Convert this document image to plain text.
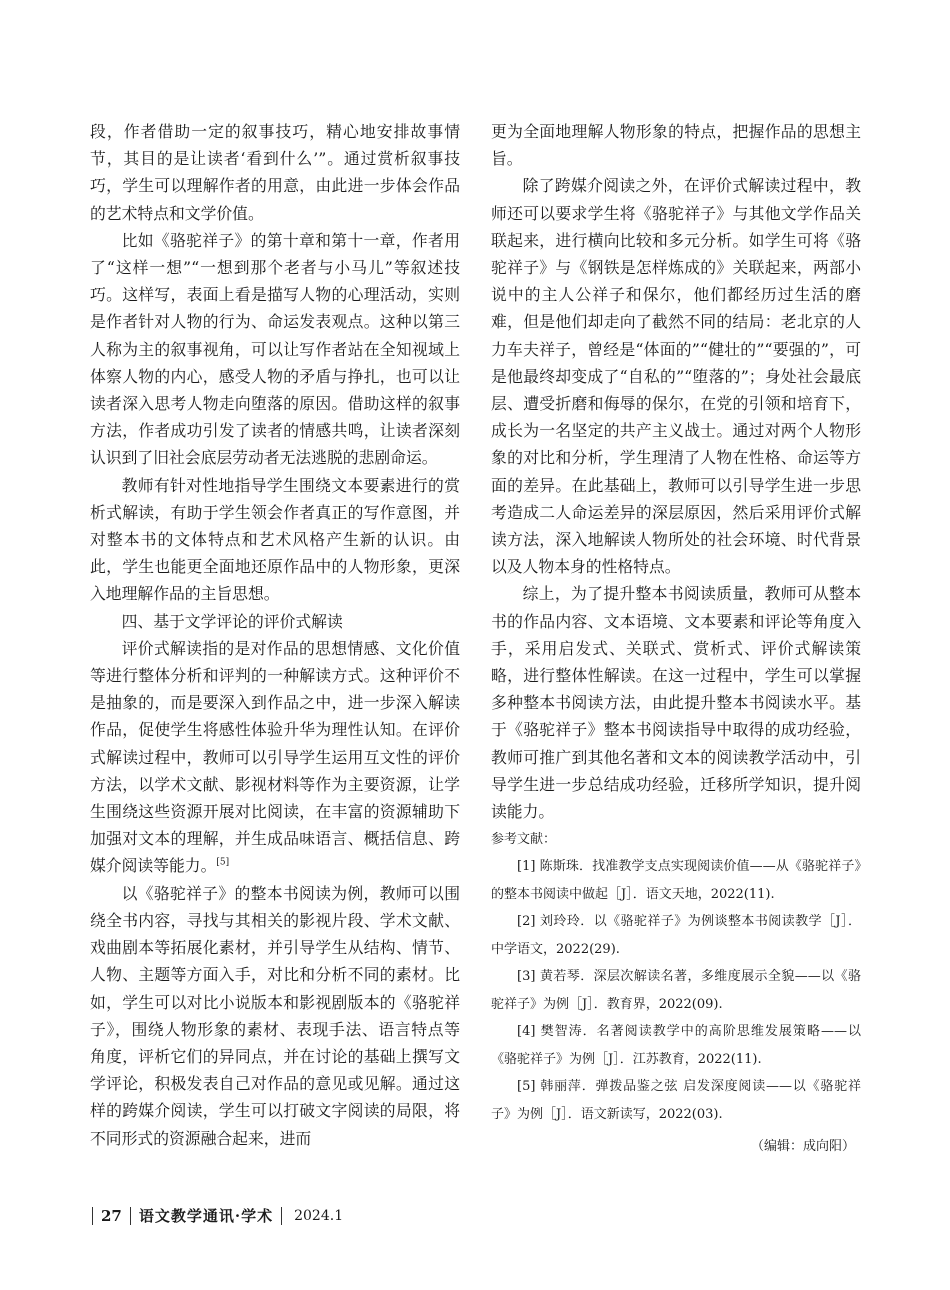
段，作者借助一定的叙事技巧，精心地安排故事情节，其目的是让读者‘看到什么’”。通过赏析叙事技巧，学生可以理解作者的用意，由此进一步体会作品的艺术特点和文学价值。

比如《骆驼祥子》的第十章和第十一章，作者用了“这样一想”“一想到那个老者与小马儿”等叙述技巧。这样写，表面上看是描写人物的心理活动，实则是作者针对人物的行为、命运发表观点。这种以第三人称为主的叙事视角，可以让写作者站在全知视域上体察人物的内心，感受人物的矛盾与挣扎，也可以让读者深入思考人物走向堕落的原因。借助这样的叙事方法，作者成功引发了读者的情感共鸣，让读者深刻认识到了旧社会底层劳动者无法逃脱的悲剧命运。

教师有针对性地指导学生围绕文本要素进行的赏析式解读，有助于学生领会作者真正的写作意图，并对整本书的文体特点和艺术风格产生新的认识。由此，学生也能更全面地还原作品中的人物形象，更深入地理解作品的主旨思想。

四、基于文学评论的评价式解读

评价式解读指的是对作品的思想情感、文化价值等进行整体分析和评判的一种解读方式。这种评价不是抽象的，而是要深入到作品之中，进一步深入解读作品，促使学生将感性体验升华为理性认知。在评价式解读过程中，教师可以引导学生运用互文性的评价方法，以学术文献、影视材料等作为主要资源，让学生围绕这些资源开展对比阅读，在丰富的资源辅助下加强对文本的理解，并生成品味语言、概括信息、跨媒介阅读等能力。[5]

以《骆驼祥子》的整本书阅读为例，教师可以围绕全书内容，寻找与其相关的影视片段、学术文献、戏曲剧本等拓展化素材，并引导学生从结构、情节、人物、主题等方面入手，对比和分析不同的素材。比如，学生可以对比小说版本和影视剧版本的《骆驼祥子》，围绕人物形象的素材、表现手法、语言特点等角度，评析它们的异同点，并在讨论的基础上撰写文学评论，积极发表自己对作品的意见或见解。通过这样的跨媒介阅读，学生可以打破文字阅读的局限，将不同形式的资源融合起来，进而

更为全面地理解人物形象的特点，把握作品的思想主旨。

除了跨媒介阅读之外，在评价式解读过程中，教师还可以要求学生将《骆驼祥子》与其他文学作品关联起来，进行横向比较和多元分析。如学生可将《骆驼祥子》与《钢铁是怎样炼成的》关联起来，两部小说中的主人公祥子和保尔，他们都经历过生活的磨难，但是他们却走向了截然不同的结局：老北京的人力车夫祥子，曾经是“体面的”“健壮的”“要强的”，可是他最终却变成了“自私的”“堕落的”；身处社会最底层、遭受折磨和侮辱的保尔，在党的引领和培育下，成长为一名坚定的共产主义战士。通过对两个人物形象的对比和分析，学生理清了人物在性格、命运等方面的差异。在此基础上，教师可以引导学生进一步思考造成二人命运差异的深层原因，然后采用评价式解读方法，深入地解读人物所处的社会环境、时代背景以及人物本身的性格特点。

综上，为了提升整本书阅读质量，教师可从整本书的作品内容、文本语境、文本要素和评论等角度入手，采用启发式、关联式、赏析式、评价式解读策略，进行整体性解读。在这一过程中，学生可以掌握多种整本书阅读方法，由此提升整本书阅读水平。基于《骆驼祥子》整本书阅读指导中取得的成功经验，教师可推广到其他名著和文本的阅读教学活动中，引导学生进一步总结成功经验，迁移所学知识，提升阅读能力。

参考文献：

[1] 陈斯珠．找准教学支点实现阅读价值——从《骆驼祥子》的整本书阅读中做起［J］．语文天地，2022(11).

[2] 刘玲玲．以《骆驼祥子》为例谈整本书阅读教学［J］．中学语文，2022(29).

[3] 黄若琴．深层次解读名著，多维度展示全貌——以《骆驼祥子》为例［J］．教育界，2022(09).

[4] 樊智涛．名著阅读教学中的高阶思维发展策略——以《骆驼祥子》为例［J］．江苏教育，2022(11).

[5] 韩丽萍．弹拨品鉴之弦 启发深度阅读——以《骆驼祥子》为例［J］．语文新读写，2022(03).

（编辑：成向阳）
27 语文教学通讯·学术 2024.1
